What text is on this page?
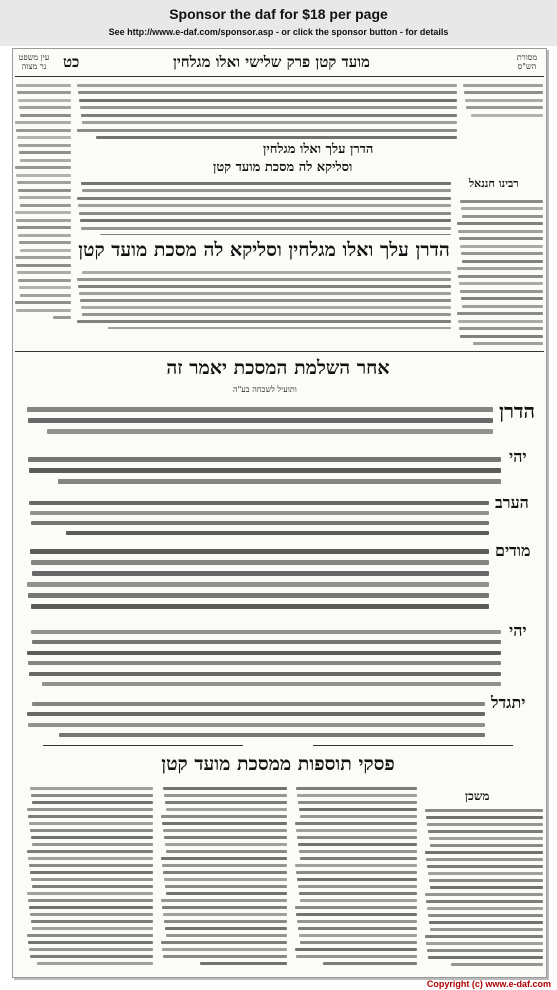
Sponsor the daf for $18 per page
See http://www.e-daf.com/sponsor.asp - or click the sponsor button - for details
עין משפט נר מצוה	כט	מועד קטן פרק שלישי ואלו מגלחין	מסורת הש"ס
הדרן עלך ואלו מגלחין
וסליקא לה מסכת מועד קטן
רבינו חננאל
הדרן עלך ואלו מגלחין וסליקא לה מסכת מועד קטן
אחר השלמת המסכת יאמר זה
ותועיל לשכחה בע"ה
הדרן
יהי
הערב
מודים
יהי
יתגדל
פסקי תוספות ממסכת מועד קטן
משכן
Copyright (c) www.e-daf.com
